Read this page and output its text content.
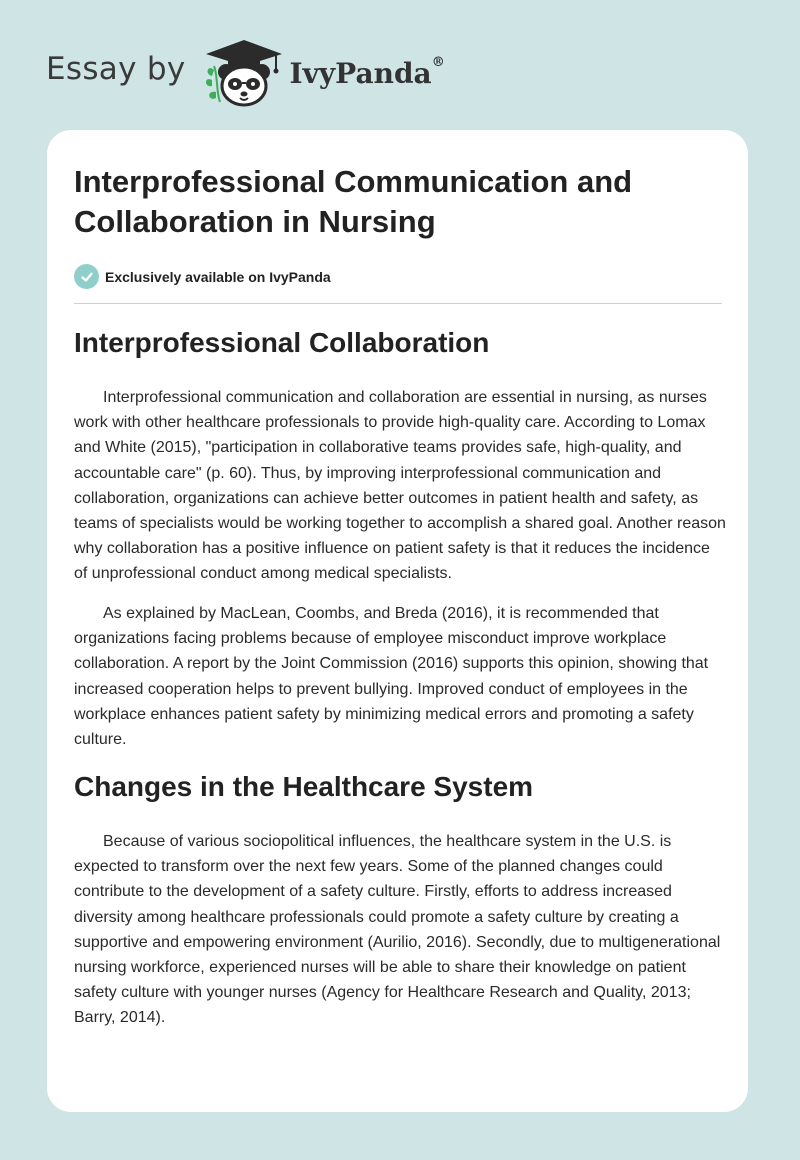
Essay by	IvyPanda®
Interprofessional Communication and Collaboration in Nursing
Exclusively available on IvyPanda
Interprofessional Collaboration

Interprofessional communication and collaboration are essential in nursing, as nurses work with other healthcare professionals to provide high-quality care. According to Lomax and White (2015), "participation in collaborative teams provides safe, high-quality, and accountable care" (p. 60). Thus, by improving interprofessional communication and collaboration, organizations can achieve better outcomes in patient health and safety, as teams of specialists would be working together to accomplish a shared goal. Another reason why collaboration has a positive influence on patient safety is that it reduces the incidence of unprofessional conduct among medical specialists.

As explained by MacLean, Coombs, and Breda (2016), it is recommended that organizations facing problems because of employee misconduct improve workplace collaboration. A report by the Joint Commission (2016) supports this opinion, showing that increased cooperation helps to prevent bullying. Improved conduct of employees in the workplace enhances patient safety by minimizing medical errors and promoting a safety culture.

Changes in the Healthcare System

Because of various sociopolitical influences, the healthcare system in the U.S. is expected to transform over the next few years. Some of the planned changes could contribute to the development of a safety culture. Firstly, efforts to address increased diversity among healthcare professionals could promote a safety culture by creating a supportive and empowering environment (Aurilio, 2016). Secondly, due to multigenerational nursing workforce, experienced nurses will be able to share their knowledge on patient safety culture with younger nurses (Agency for Healthcare Research and Quality, 2013; Barry, 2014).
